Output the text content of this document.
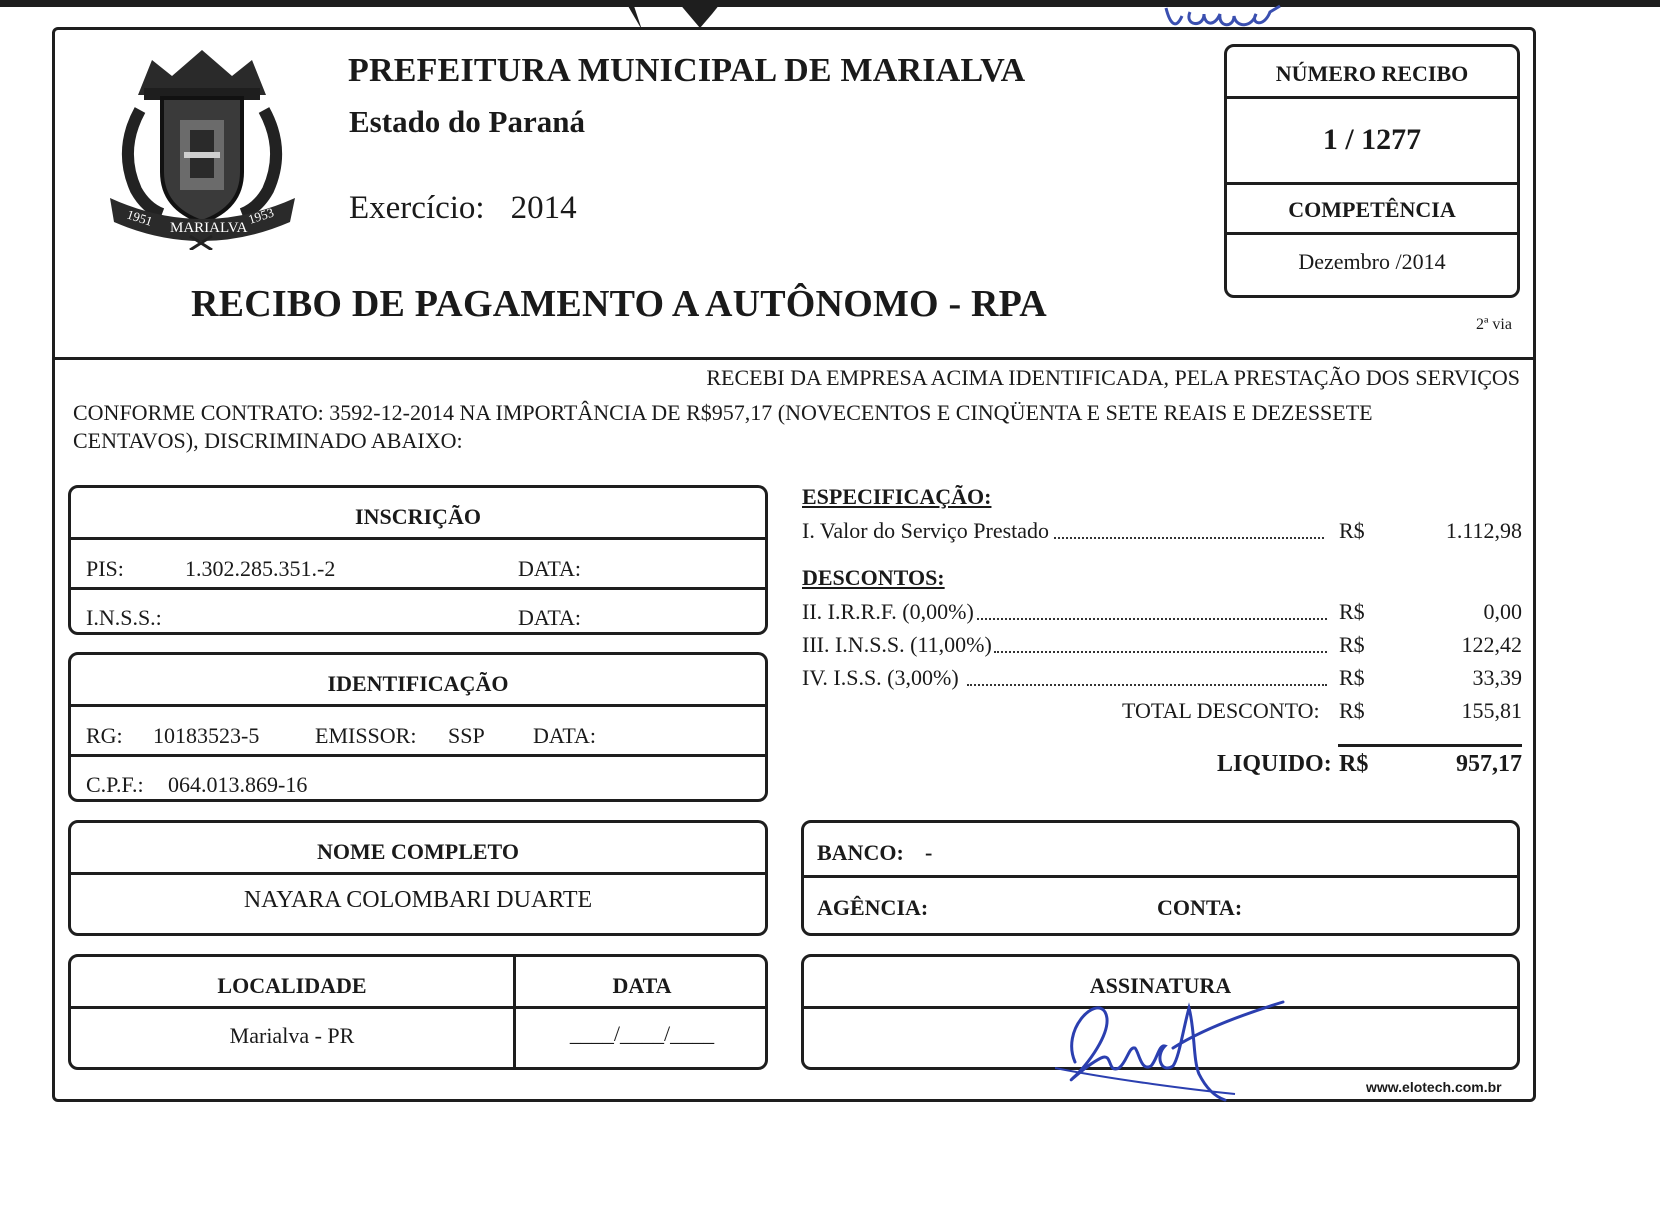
1951 MARIALVA
1953
PREFEITURA MUNICIPAL DE MARIALVA
Estado do Paraná
Exercício: 2014
RECIBO DE PAGAMENTO A AUTÔNOMO - RPA	2ª via
NÚMERO RECIBO
1 / 1277
COMPETÊNCIA
Dezembro /2014
RECEBI DA EMPRESA ACIMA IDENTIFICADA, PELA PRESTAÇÃO DOS SERVIÇOS
CONFORME CONTRATO: 3592-12-2014 NA IMPORTÂNCIA DE R$957,17 (NOVECENTOS E CINQÜENTA E SETE REAIS E DEZESSETE CENTAVOS), DISCRIMINADO ABAIXO:
INSCRIÇÃO
PIS:	1.302.285.351.-2	DATA:
I.N.S.S.:	DATA:
IDENTIFICAÇÃO
RG: 10183523-5	EMISSOR: SSP DATA:
C.P.F.: 064.013.869-16
NOME COMPLETO
NAYARA COLOMBARI DUARTE
LOCALIDADE	DATA
Marialva - PR	____/____/____
ESPECIFICAÇÃO:
I. Valor do Serviço Prestado	R$	1.112,98
DESCONTOS:
II. I.R.R.F. (0,00%)	R$	0,00
III. I.N.S.S. (11,00%)	R$	122,42
IV. I.S.S. (3,00%)	R$	33,39
TOTAL DESCONTO: R$	155,81
LIQUIDO: R$	957,17
BANCO: -
AGÊNCIA:	CONTA:
ASSINATURA
www.elotech.com.br
